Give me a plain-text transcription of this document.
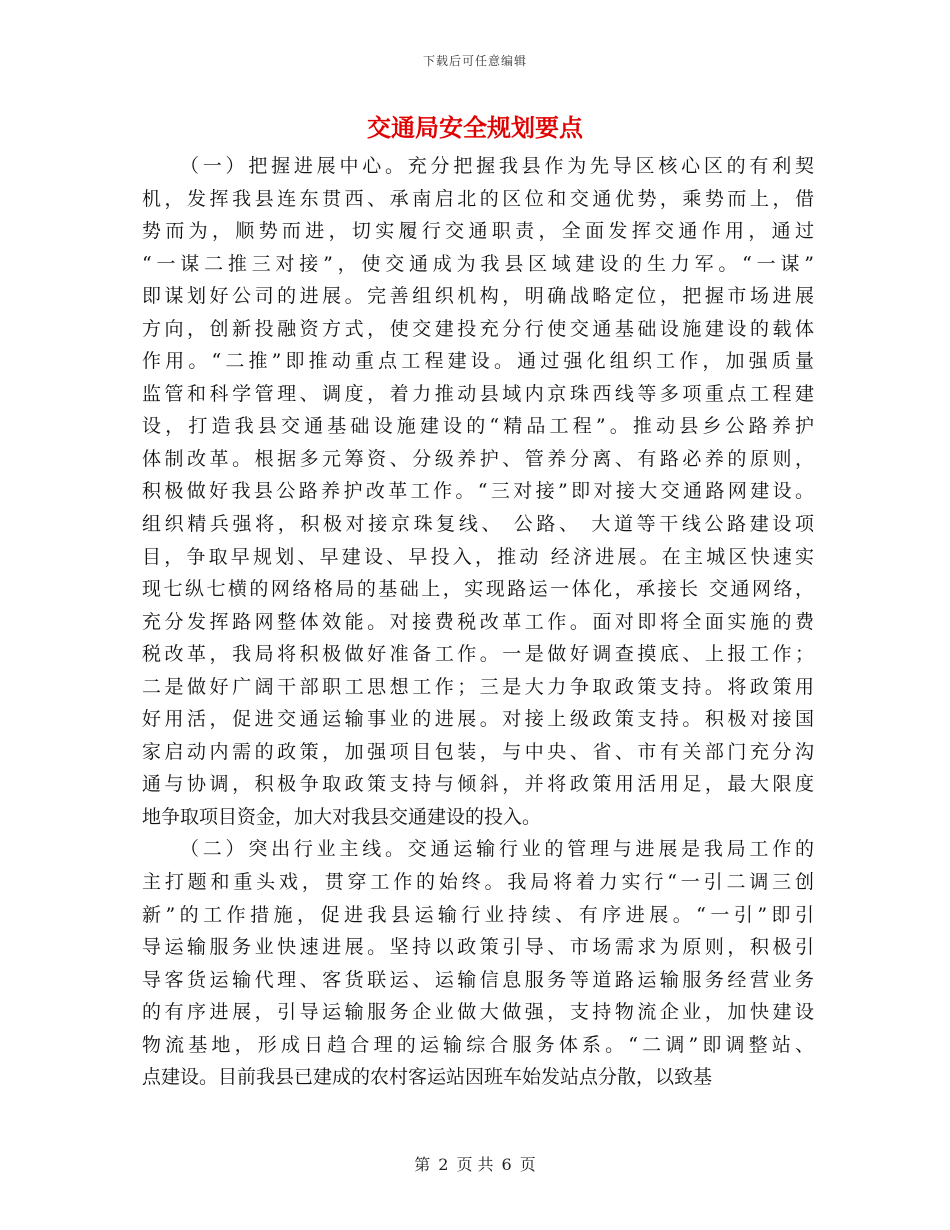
下载后可任意编辑
交通局安全规划要点
（一）把握进展中心。充分把握我县作为先导区核心区的有利契
机，发挥我县连东贯西、承南启北的区位和交通优势，乘势而上，借
势而为，顺势而进，切实履行交通职责，全面发挥交通作用，通过
“一谋二推三对接”，使交通成为我县区域建设的生力军。“一谋”
即谋划好公司的进展。完善组织机构，明确战略定位，把握市场进展
方向，创新投融资方式，使交建投充分行使交通基础设施建设的载体
作用。“二推”即推动重点工程建设。通过强化组织工作，加强质量
监管和科学管理、调度，着力推动县域内京珠西线等多项重点工程建
设，打造我县交通基础设施建设的“精品工程”。推动县乡公路养护
体制改革。根据多元筹资、分级养护、管养分离、有路必养的原则，
积极做好我县公路养护改革工作。“三对接”即对接大交通路网建设。
组织精兵强将，积极对接京珠复线、 公路、 大道等干线公路建设项
目，争取早规划、早建设、早投入，推动 经济进展。在主城区快速实
现七纵七横的网络格局的基础上，实现路运一体化，承接长 交通网络，
充分发挥路网整体效能。对接费税改革工作。面对即将全面实施的费
税改革，我局将积极做好准备工作。一是做好调查摸底、上报工作；
二是做好广阔干部职工思想工作；三是大力争取政策支持。将政策用
好用活，促进交通运输事业的进展。对接上级政策支持。积极对接国
家启动内需的政策，加强项目包装，与中央、省、市有关部门充分沟
通与协调，积极争取政策支持与倾斜，并将政策用活用足，最大限度
地争取项目资金，加大对我县交通建设的投入。
（二）突出行业主线。交通运输行业的管理与进展是我局工作的
主打题和重头戏，贯穿工作的始终。我局将着力实行“一引二调三创
新”的工作措施，促进我县运输行业持续、有序进展。“一引”即引
导运输服务业快速进展。坚持以政策引导、市场需求为原则，积极引
导客货运输代理、客货联运、运输信息服务等道路运输服务经营业务
的有序进展，引导运输服务企业做大做强，支持物流企业，加快建设
物流基地，形成日趋合理的运输综合服务体系。“二调”即调整站、
点建设。目前我县已建成的农村客运站因班车始发站点分散，以致基
第 2 页 共 6 页
